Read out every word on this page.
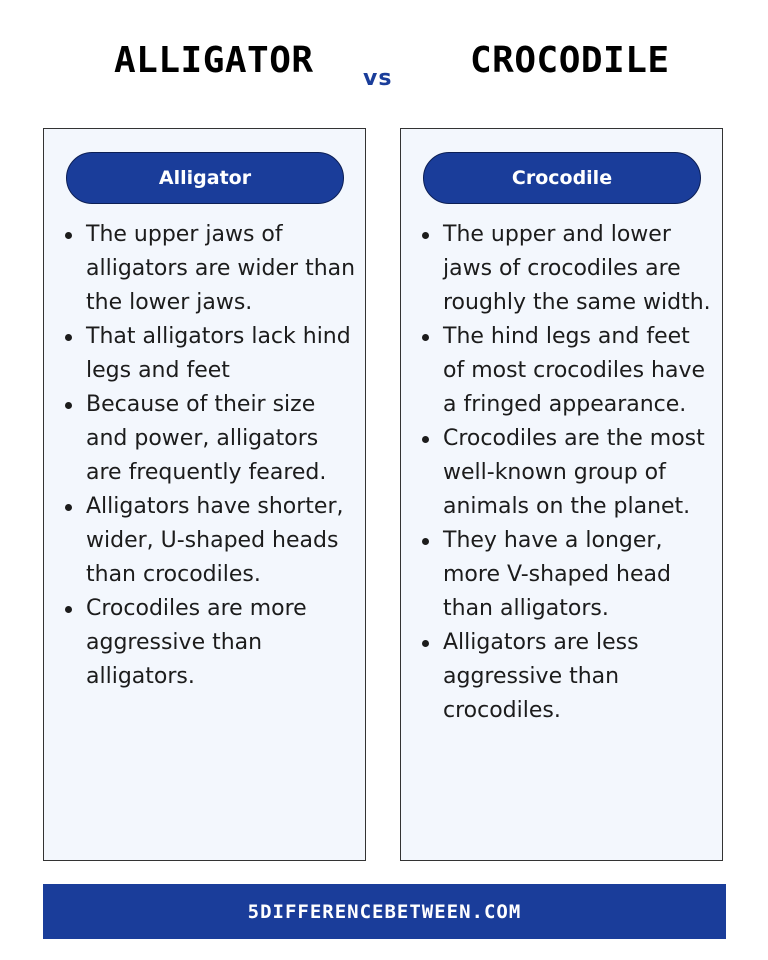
ALLIGATOR vs CROCODILE
Alligator
The upper jaws of alligators are wider than the lower jaws.
That alligators lack hind legs and feet
Because of their size and power, alligators are frequently feared.
Alligators have shorter, wider, U-shaped heads than crocodiles.
Crocodiles are more aggressive than alligators.
Crocodile
The upper and lower jaws of crocodiles are roughly the same width.
The hind legs and feet of most crocodiles have a fringed appearance.
Crocodiles are the most well-known group of animals on the planet.
They have a longer, more V-shaped head than alligators.
Alligators are less aggressive than crocodiles.
5DIFFERENCEBETWEEN.COM
